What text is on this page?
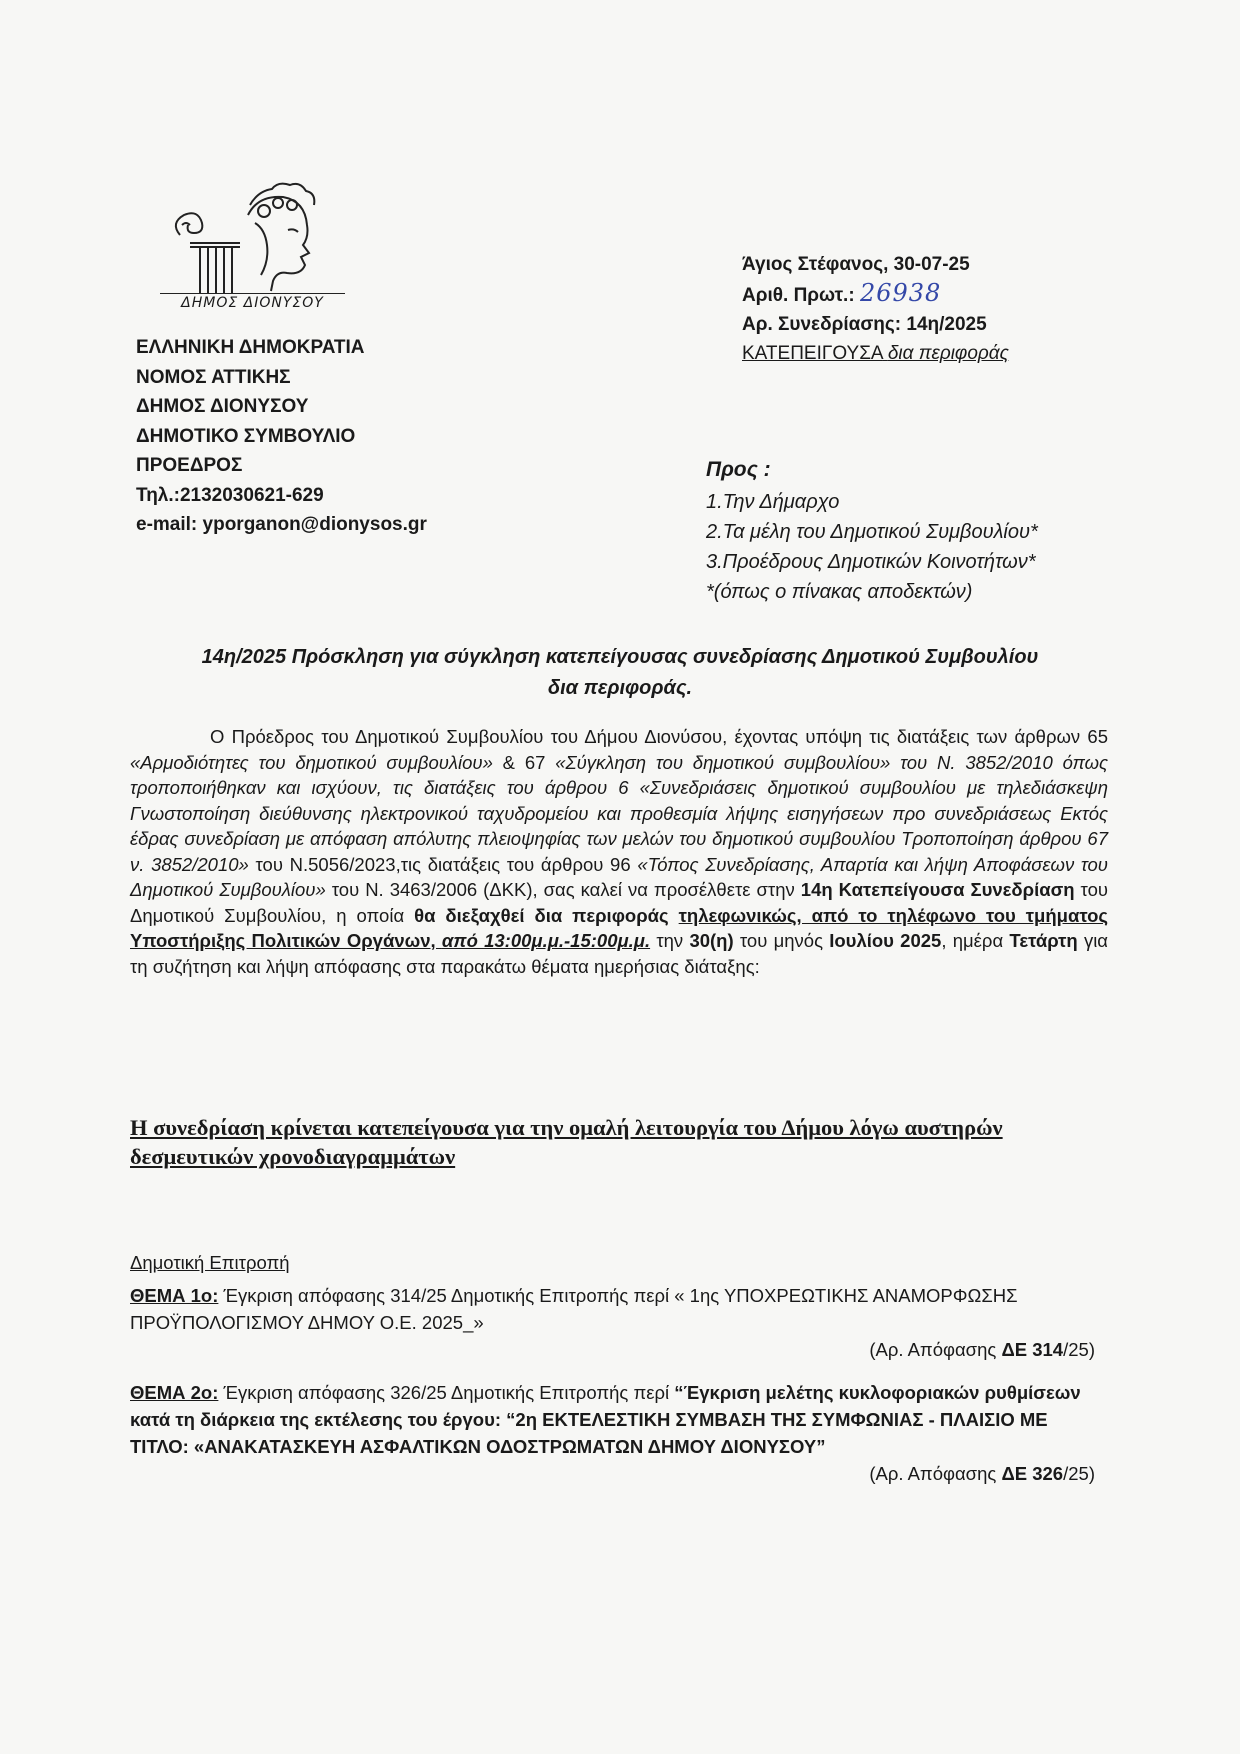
ΔΗΜΟΣ ΔΙΟΝΥΣΟΥ
ΕΛΛΗΝΙΚΗ ΔΗΜΟΚΡΑΤΙΑ
ΝΟΜΟΣ ΑΤΤΙΚΗΣ
ΔΗΜΟΣ ΔΙΟΝΥΣΟΥ
ΔΗΜΟΤΙΚΟ ΣΥΜΒΟΥΛΙΟ
ΠΡΟΕΔΡΟΣ
Τηλ.:2132030621-629
e-mail: yporganon@dionysos.gr
Άγιος Στέφανος, 30-07-25
Αριθ. Πρωτ.: 26938
Αρ. Συνεδρίασης: 14η/2025
ΚΑΤΕΠΕΙΓΟΥΣΑ δια περιφοράς
Προς :
1.Την Δήμαρχο
2.Τα μέλη του Δημοτικού Συμβουλίου*
3.Προέδρους Δημοτικών Κοινοτήτων*
*(όπως ο πίνακας αποδεκτών)
14η/2025 Πρόσκληση για σύγκληση κατεπείγουσας συνεδρίασης Δημοτικού Συμβουλίου
δια περιφοράς.

Ο Πρόεδρος του Δημοτικού Συμβουλίου του Δήμου Διονύσου, έχοντας υπόψη τις διατάξεις των άρθρων 65 «Αρμοδιότητες του δημοτικού συμβουλίου» & 67 «Σύγκληση του δημοτικού συμβουλίου» του Ν. 3852/2010 όπως τροποποιήθηκαν και ισχύουν, τις διατάξεις του άρθρου 6 «Συνεδριάσεις δημοτικού συμβουλίου με τηλεδιάσκεψη Γνωστοποίηση διεύθυνσης ηλεκτρονικού ταχυδρομείου και προθεσμία λήψης εισηγήσεων προ συνεδριάσεως Εκτός έδρας συνεδρίαση με απόφαση απόλυτης πλειοψηφίας των μελών του δημοτικού συμβουλίου Τροποποίηση άρθρου 67 ν. 3852/2010» του Ν.5056/2023,τις διατάξεις του άρθρου 96 «Τόπος Συνεδρίασης, Απαρτία και λήψη Αποφάσεων του Δημοτικού Συμβουλίου» του Ν. 3463/2006 (ΔΚΚ), σας καλεί να προσέλθετε στην 14η Κατεπείγουσα Συνεδρίαση του Δημοτικού Συμβουλίου, η οποία θα διεξαχθεί δια περιφοράς τηλεφωνικώς, από το τηλέφωνο του τμήματος Υποστήριξης Πολιτικών Οργάνων, από 13:00μ.μ.-15:00μ.μ. την 30(η) του μηνός Ιουλίου 2025, ημέρα Τετάρτη για τη συζήτηση και λήψη απόφασης στα παρακάτω θέματα ημερήσιας διάταξης:

Η συνεδρίαση κρίνεται κατεπείγουσα για την ομαλή λειτουργία του Δήμου λόγω αυστηρών δεσμευτικών χρονοδιαγραμμάτων
Δημοτική Επιτροπή
ΘΕΜΑ 1ο: Έγκριση απόφασης 314/25 Δημοτικής Επιτροπής περί « 1ης ΥΠΟΧΡΕΩΤΙΚΗΣ ΑΝΑΜΟΡΦΩΣΗΣ ΠΡΟΫΠΟΛΟΓΙΣΜΟΥ ΔΗΜΟΥ Ο.Ε. 2025_»
(Αρ. Απόφασης ΔΕ 314/25)
ΘΕΜΑ 2ο: Έγκριση απόφασης 326/25 Δημοτικής Επιτροπής περί “Έγκριση μελέτης κυκλοφοριακών ρυθμίσεων κατά τη διάρκεια της εκτέλεσης του έργου: “2η ΕΚΤΕΛΕΣΤΙΚΗ ΣΥΜΒΑΣΗ ΤΗΣ ΣΥΜΦΩΝΙΑΣ - ΠΛΑΙΣΙΟ ΜΕ ΤΙΤΛΟ: «ΑΝΑΚΑΤΑΣΚΕΥΗ ΑΣΦΑΛΤΙΚΩΝ ΟΔΟΣΤΡΩΜΑΤΩΝ ΔΗΜΟΥ ΔΙΟΝΥΣΟΥ”
(Αρ. Απόφασης ΔΕ 326/25)
